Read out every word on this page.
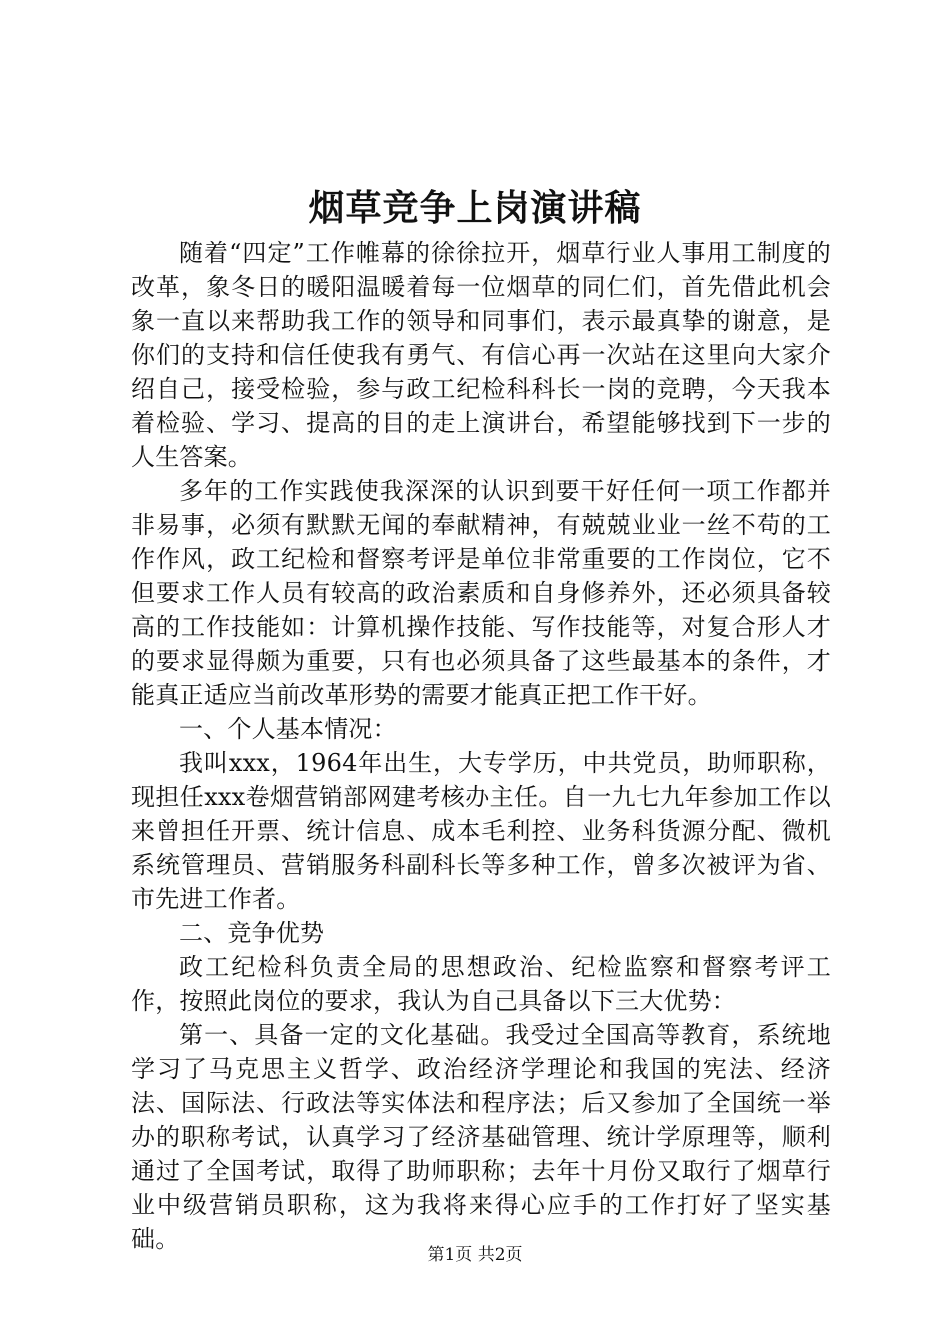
烟草竞争上岗演讲稿

随着“四定”工作帷幕的徐徐拉开，烟草行业人事用工制度的改革，象冬日的暖阳温暖着每一位烟草的同仁们，首先借此机会象一直以来帮助我工作的领导和同事们，表示最真挚的谢意，是你们的支持和信任使我有勇气、有信心再一次站在这里向大家介绍自己，接受检验，参与政工纪检科科长一岗的竞聘，今天我本着检验、学习、提高的目的走上演讲台，希望能够找到下一步的人生答案。

多年的工作实践使我深深的认识到要干好任何一项工作都并非易事，必须有默默无闻的奉献精神，有兢兢业业一丝不苟的工作作风，政工纪检和督察考评是单位非常重要的工作岗位，它不但要求工作人员有较高的政治素质和自身修养外，还必须具备较高的工作技能如：计算机操作技能、写作技能等，对复合形人才的要求显得颇为重要，只有也必须具备了这些最基本的条件，才能真正适应当前改革形势的需要才能真正把工作干好。

一、个人基本情况：

我叫xxx，1964年出生，大专学历，中共党员，助师职称，现担任xxx卷烟营销部网建考核办主任。自一九七九年参加工作以来曾担任开票、统计信息、成本毛利控、业务科货源分配、微机系统管理员、营销服务科副科长等多种工作，曾多次被评为省、市先进工作者。

二、竞争优势

政工纪检科负责全局的思想政治、纪检监察和督察考评工作，按照此岗位的要求，我认为自己具备以下三大优势：

第一、具备一定的文化基础。我受过全国高等教育，系统地学习了马克思主义哲学、政治经济学理论和我国的宪法、经济法、国际法、行政法等实体法和程序法；后又参加了全国统一举办的职称考试，认真学习了经济基础管理、统计学原理等，顺利通过了全国考试，取得了助师职称；去年十月份又取行了烟草行业中级营销员职称，这为我将来得心应手的工作打好了坚实基础。

第1页 共2页
